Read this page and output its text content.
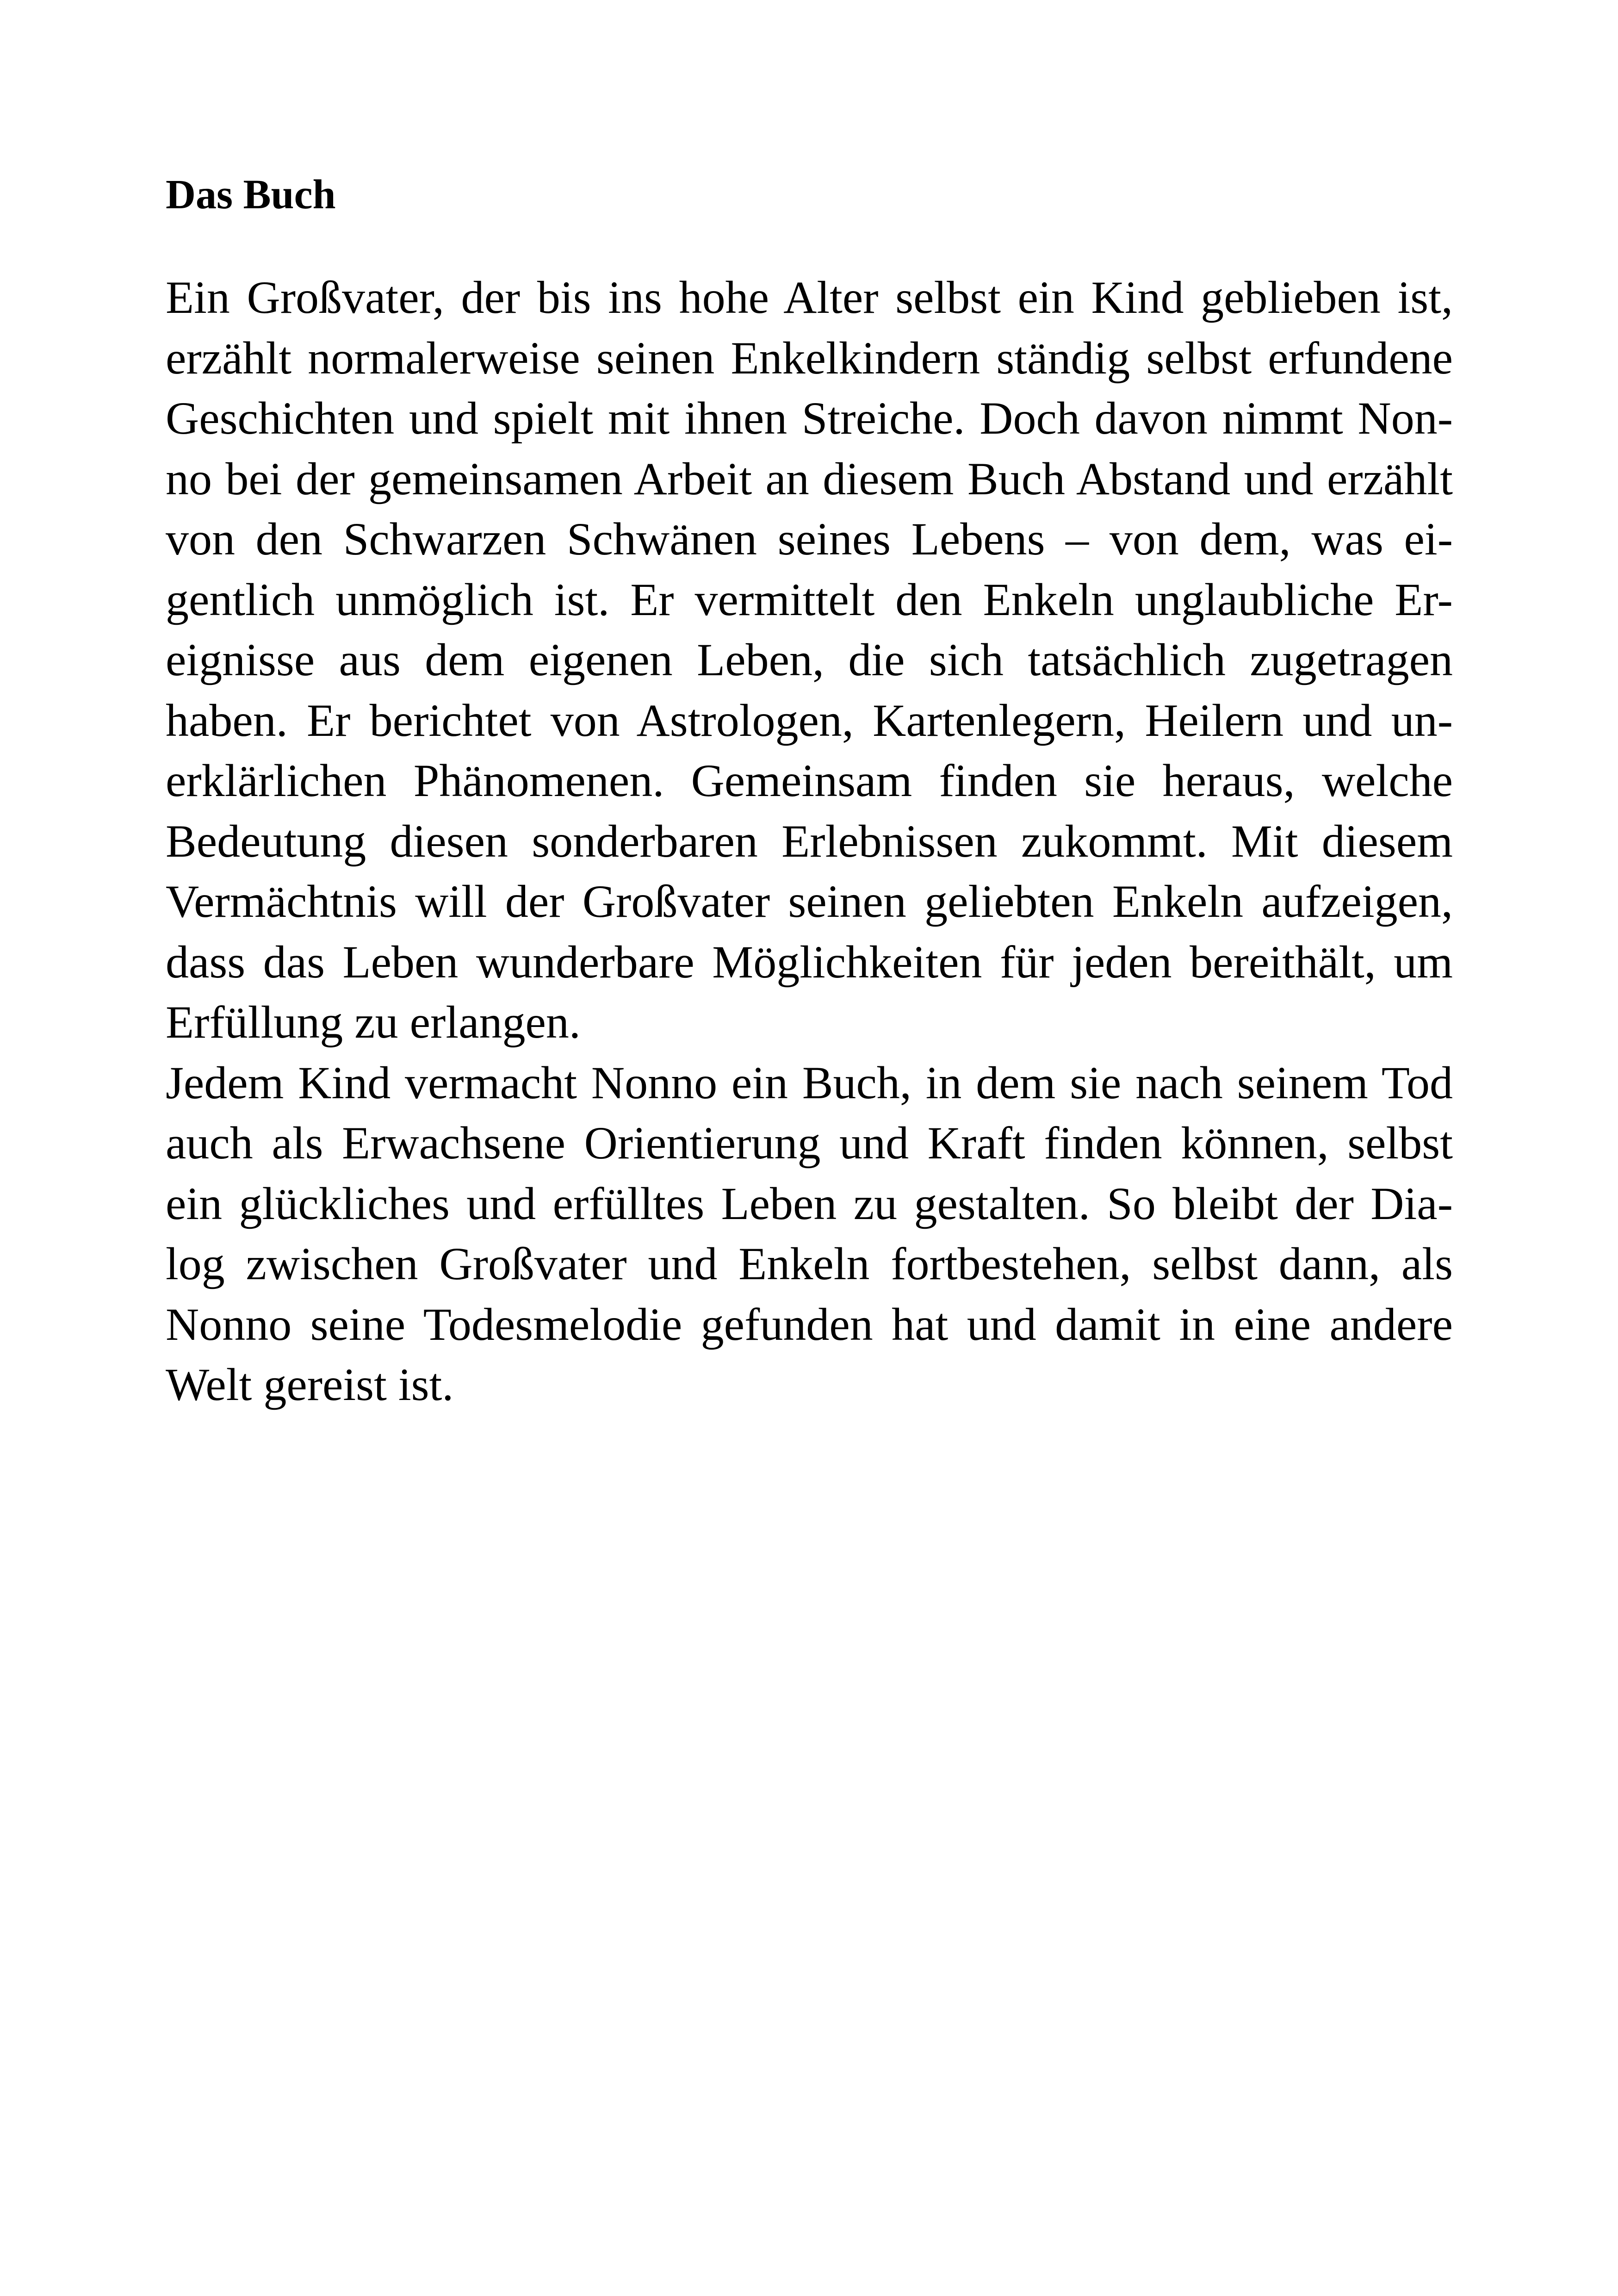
Das Buch
Ein Großvater, der bis ins hohe Alter selbst ein Kind geblieben ist,
erzählt normalerweise seinen Enkelkindern ständig selbst erfundene
Geschichten und spielt mit ihnen Streiche. Doch davon nimmt Non-
no bei der gemeinsamen Arbeit an diesem Buch Abstand und erzählt
von den Schwarzen Schwänen seines Lebens – von dem, was ei-
gentlich unmöglich ist. Er vermittelt den Enkeln unglaubliche Er-
eignisse aus dem eigenen Leben, die sich tatsächlich zugetragen
haben. Er berichtet von Astrologen, Kartenlegern, Heilern und un-
erklärlichen Phänomenen. Gemeinsam finden sie heraus, welche
Bedeutung diesen sonderbaren Erlebnissen zukommt. Mit diesem
Vermächtnis will der Großvater seinen geliebten Enkeln aufzeigen,
dass das Leben wunderbare Möglichkeiten für jeden bereithält, um
Erfüllung zu erlangen.
Jedem Kind vermacht Nonno ein Buch, in dem sie nach seinem Tod
auch als Erwachsene Orientierung und Kraft finden können, selbst
ein glückliches und erfülltes Leben zu gestalten. So bleibt der Dia-
log zwischen Großvater und Enkeln fortbestehen, selbst dann, als
Nonno seine Todesmelodie gefunden hat und damit in eine andere
Welt gereist ist.
